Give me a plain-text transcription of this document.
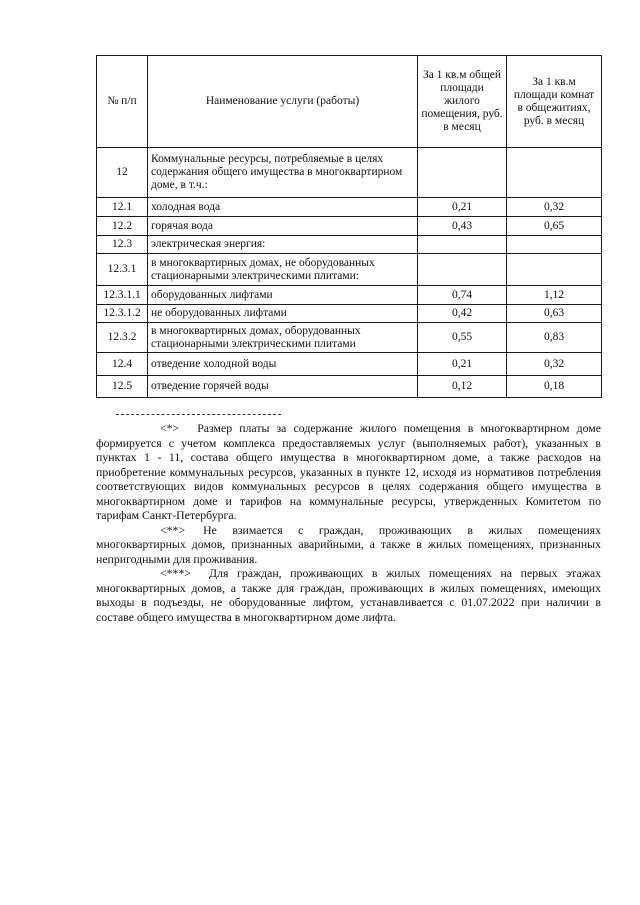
№ п/п	Наименование услуги (работы)	За 1 кв.м общей площади жилого помещения, руб. в месяц	За 1 кв.м площади комнат в общежитиях, руб. в месяц
12	Коммунальные ресурсы, потребляемые в целях содержания общего имущества в многоквартирном доме, в т.ч.:		
12.1	холодная вода	0,21	0,32
12.2	горячая вода	0,43	0,65
12.3	электрическая энергия:		
12.3.1	в многоквартирных домах, не оборудованных стационарными электрическими плитами:		
12.3.1.1	оборудованных лифтами	0,74	1,12
12.3.1.2	не оборудованных лифтами	0,42	0,63
12.3.2	в многоквартирных домах, оборудованных стационарными электрическими плитами	0,55	0,83
12.4	отведение холодной воды	0,21	0,32
12.5	отведение горячей воды	0,12	0,18

<*> Размер платы за содержание жилого помещения в многоквартирном доме формируется с учетом комплекса предоставляемых услуг (выполняемых работ), указанных в пунктах 1 - 11, состава общего имущества в многоквартирном доме, а также расходов на приобретение коммунальных ресурсов, указанных в пункте 12, исходя из нормативов потребления соответствующих видов коммунальных ресурсов в целях содержания общего имущества в многоквартирном доме и тарифов на коммунальные ресурсы, утвержденных Комитетом по тарифам Санкт-Петербурга.

<**> Не взимается с граждан, проживающих в жилых помещениях многоквартирных домов, признанных аварийными, а также в жилых помещениях, признанных непригодными для проживания.

<***> Для граждан, проживающих в жилых помещениях на первых этажах многоквартирных домов, а также для граждан, проживающих в жилых помещениях, имеющих выходы в подъезды, не оборудованные лифтом, устанавливается с 01.07.2022 при наличии в составе общего имущества в многоквартирном доме лифта.
